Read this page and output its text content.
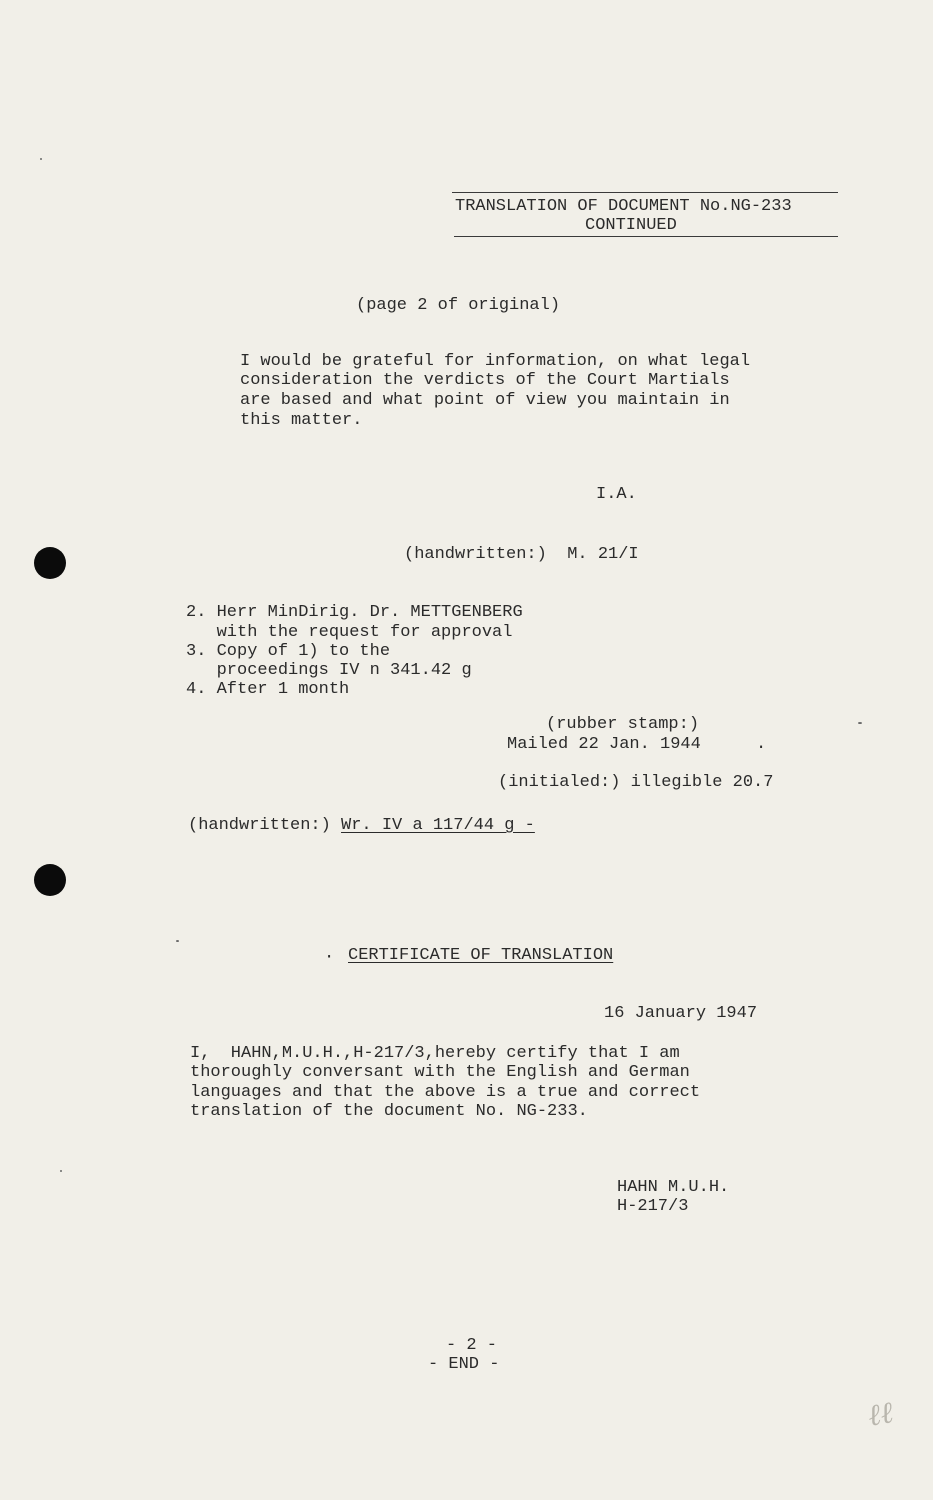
TRANSLATION OF DOCUMENT No.NG-233

CONTINUED

(page 2 of original)

I would be grateful for information, on what legal

consideration the verdicts of the Court Martials

are based and what point of view you maintain in

this matter.

I.A.

(handwritten:)  M. 21/I

2. Herr MinDirig. Dr. METTGENBERG

with the request for approval

3. Copy of 1) to the

proceedings IV n 341.42 g

4. After 1 month

(rubber stamp:)

Mailed 22 Jan. 1944	.

(initialed:) illegible 20.7

(handwritten:) Wr. IV a 117/44 g -

· CERTIFICATE OF TRANSLATION

16 January 1947

I,  HAHN,M.U.H.,H-217/3,hereby certify that I am

thoroughly conversant with the English and German

languages and that the above is a true and correct

translation of the document No. NG-233.

HAHN M.U.H.

H-217/3

- 2 -

- END -

ℓℓ
